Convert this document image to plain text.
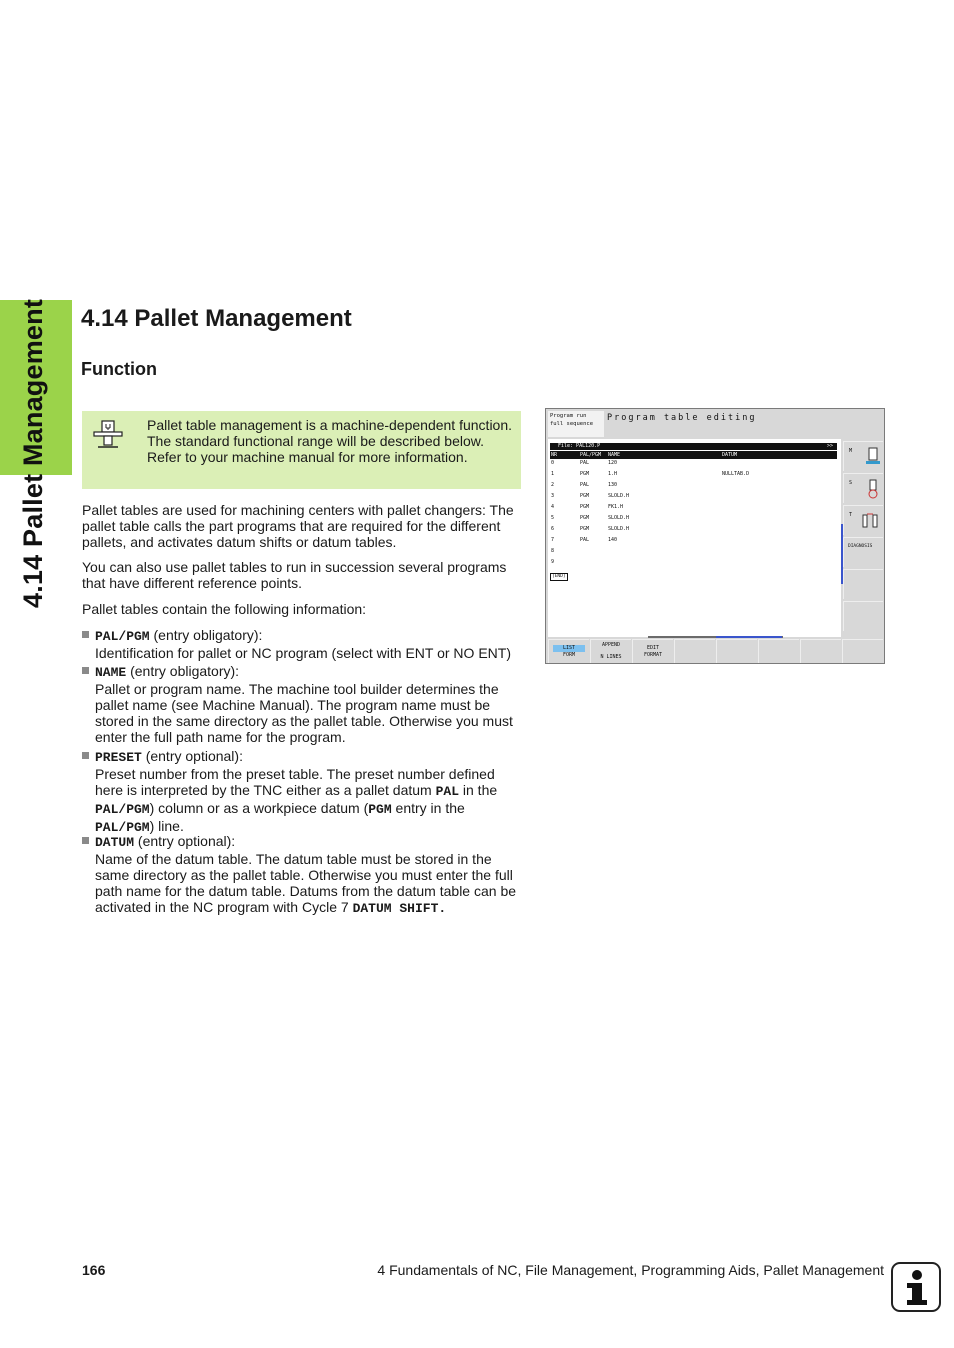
4.14 Pallet Management	4.14 Pallet Management
Function
Pallet table management is a machine-dependent function. The standard functional range will be described below. Refer to your machine manual for more information.

Pallet tables are used for machining centers with pallet changers: The pallet table calls the part programs that are required for the different pallets, and activates datum shifts or datum tables.

You can also use pallet tables to run in succession several programs that have different reference points.

Pallet tables contain the following information:

PAL/PGM (entry obligatory):
Identification for pallet or NC program (select with ENT or NO ENT)
NAME (entry obligatory):
Pallet or program name. The machine tool builder determines the pallet name (see Machine Manual). The program name must be stored in the same directory as the pallet table. Otherwise you must enter the full path name for the program.
PRESET (entry optional):
Preset number from the preset table. The preset number defined here is interpreted by the TNC either as a pallet datum PAL in the PAL/PGM) column or as a workpiece datum (PGM entry in the PAL/PGM) line.
DATUM (entry optional):
Name of the datum table. The datum table must be stored in the same directory as the pallet table. Otherwise you must enter the full path name for the datum table. Datums from the datum table can be activated in the NC program with Cycle 7 DATUM SHIFT.
Program run
full sequence
Program table editing
File: PAL120.P	>>
NR	PAL/PGM NAME	DATUM
0	PAL	120
1	PGM	1.H	NULLTAB.D
2	PAL	130
3	PGM	SLOLD.H
4	PGM	FK1.H
5	PGM	SLOLD.H
6	PGM	SLOLD.H
7	PAL	140
8
9
[END]
M
S
T
DIAGNOSIS
LIST
FORM
APPEND
N LINES
EDIT
FORMAT
166	4 Fundamentals of NC, File Management, Programming Aids, Pallet Management
